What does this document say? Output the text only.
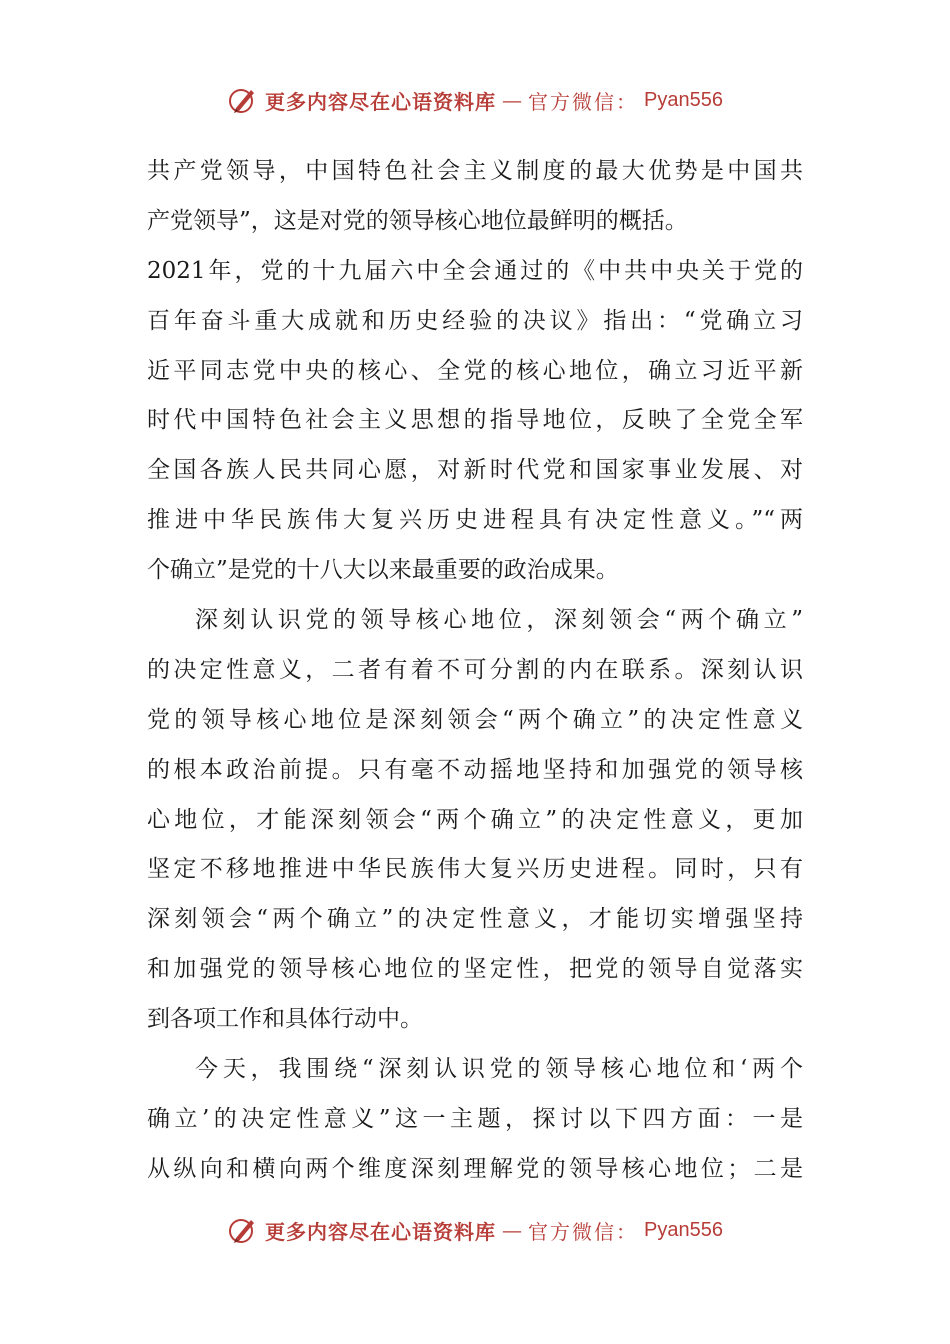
更多内容尽在心语资料库 — 官方微信： Pyan556
共产党领导，中国特色社会主义制度的最大优势是中国共
产党领导”，这是对党的领导核心地位最鲜明的概括。
2021年，党的十九届六中全会通过的《中共中央关于党的
百年奋斗重大成就和历史经验的决议》指出：“党确立习
近平同志党中央的核心、全党的核心地位，确立习近平新
时代中国特色社会主义思想的指导地位，反映了全党全军
全国各族人民共同心愿，对新时代党和国家事业发展、对
推进中华民族伟大复兴历史进程具有决定性意义。”“两
个确立”是党的十八大以来最重要的政治成果。
深刻认识党的领导核心地位，深刻领会“两个确立”
的决定性意义，二者有着不可分割的内在联系。深刻认识
党的领导核心地位是深刻领会“两个确立”的决定性意义
的根本政治前提。只有毫不动摇地坚持和加强党的领导核
心地位，才能深刻领会“两个确立”的决定性意义，更加
坚定不移地推进中华民族伟大复兴历史进程。同时，只有
深刻领会“两个确立”的决定性意义，才能切实增强坚持
和加强党的领导核心地位的坚定性，把党的领导自觉落实
到各项工作和具体行动中。
今天，我围绕“深刻认识党的领导核心地位和‘两个
确立’的决定性意义”这一主题，探讨以下四方面：一是
从纵向和横向两个维度深刻理解党的领导核心地位；二是
更多内容尽在心语资料库 — 官方微信： Pyan556
